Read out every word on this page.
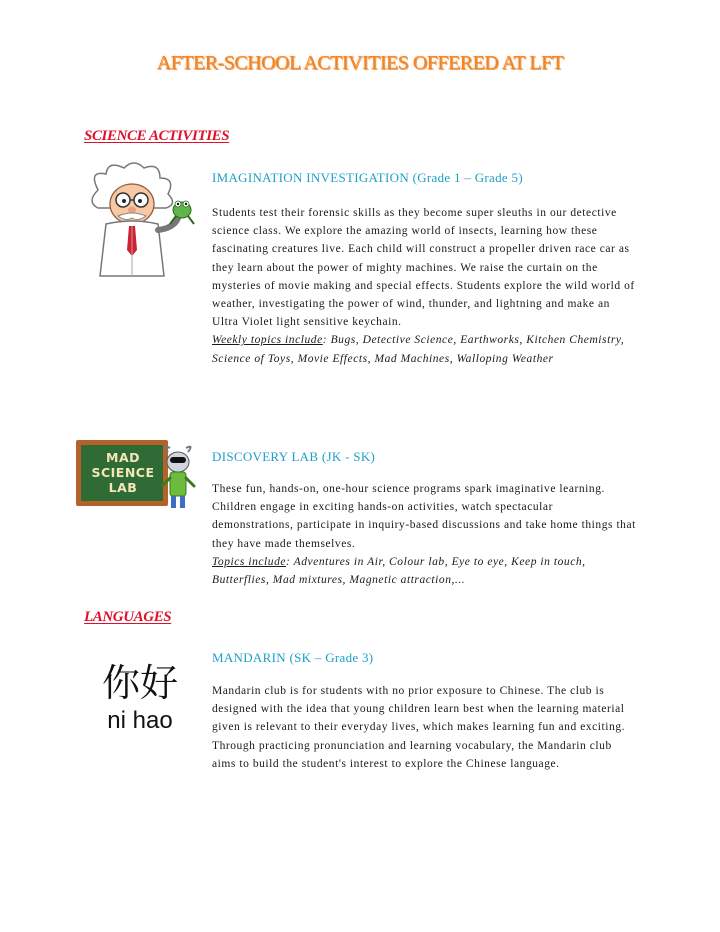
AFTER-SCHOOL ACTIVITIES OFFERED AT LFT
SCIENCE ACTIVITIES
IMAGINATION INVESTIGATION (Grade 1 – Grade 5)

Students test their forensic skills as they become super sleuths in our detective science class. We explore the amazing world of insects, learning how these fascinating creatures live. Each child will construct a propeller driven race car as they learn about the power of mighty machines. We raise the curtain on the mysteries of movie making and special effects. Students explore the wild world of weather, investigating the power of wind, thunder, and lightning and make an Ultra Violet light sensitive keychain.
Weekly topics include: Bugs, Detective Science, Earthworks, Kitchen Chemistry, Science of Toys, Movie Effects, Mad Machines, Walloping Weather

MAD
SCIENCE
LAB
DISCOVERY LAB (JK - SK)

These fun, hands-on, one-hour science programs spark imaginative learning. Children engage in exciting hands-on activities, watch spectacular demonstrations, participate in inquiry-based discussions and take home things that they have made themselves.
Topics include: Adventures in Air, Colour lab, Eye to eye, Keep in touch, Butterflies, Mad mixtures, Magnetic attraction,...

LANGUAGES
你好
ni hao
MANDARIN (SK – Grade 3)

Mandarin club is for students with no prior exposure to Chinese. The club is designed with the idea that young children learn best when the learning material given is relevant to their everyday lives, which makes learning fun and exciting. Through practicing pronunciation and learning vocabulary, the Mandarin club aims to build the student's interest to explore the Chinese language.
